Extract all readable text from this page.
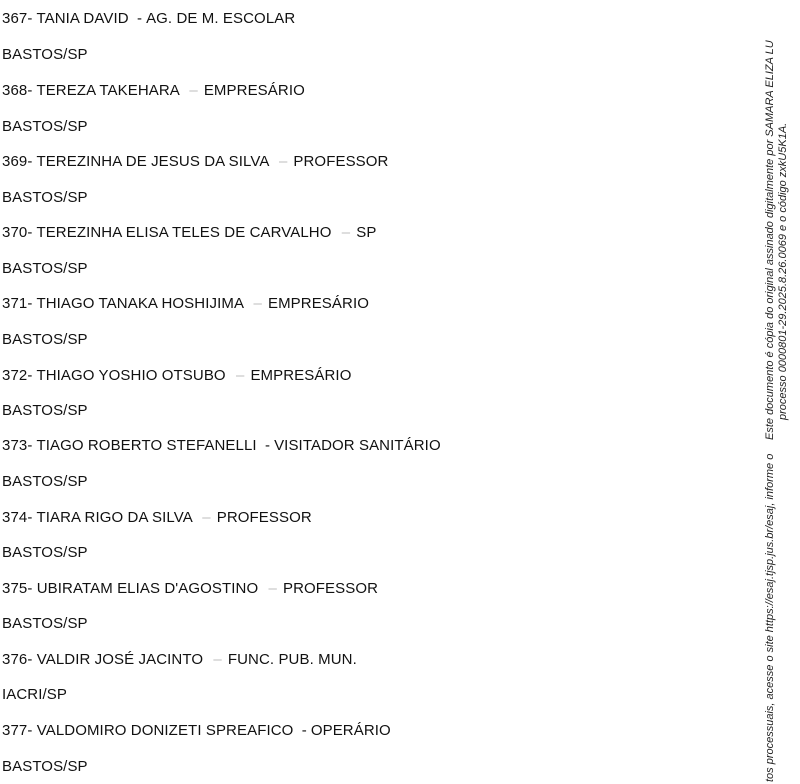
367- TANIA DAVID - AG. DE M. ESCOLAR
BASTOS/SP
368- TEREZA TAKEHARA – EMPRESÁRIO
BASTOS/SP
369- TEREZINHA DE JESUS DA SILVA – PROFESSOR
BASTOS/SP
370- TEREZINHA ELISA TELES DE CARVALHO – SP
BASTOS/SP
371- THIAGO TANAKA HOSHIJIMA – EMPRESÁRIO
BASTOS/SP
372- THIAGO YOSHIO OTSUBO – EMPRESÁRIO
BASTOS/SP
373- TIAGO ROBERTO STEFANELLI - VISITADOR SANITÁRIO
BASTOS/SP
374- TIARA RIGO DA SILVA – PROFESSOR
BASTOS/SP
375- UBIRATAM ELIAS D'AGOSTINO – PROFESSOR
BASTOS/SP
376- VALDIR JOSÉ JACINTO – FUNC. PUB. MUN.
IACRI/SP
377- VALDOMIRO DONIZETI SPREAFICO - OPERÁRIO
BASTOS/SP
Este documento é cópia do original assinado digitalmente por SAMARA ELIZA LU processo 0000801-29.2025.8.26.0069 e o código zxkU5K1A.
tos processuais, acesse o site https://esaj.tjsp.jus.br/esaj, informe o
